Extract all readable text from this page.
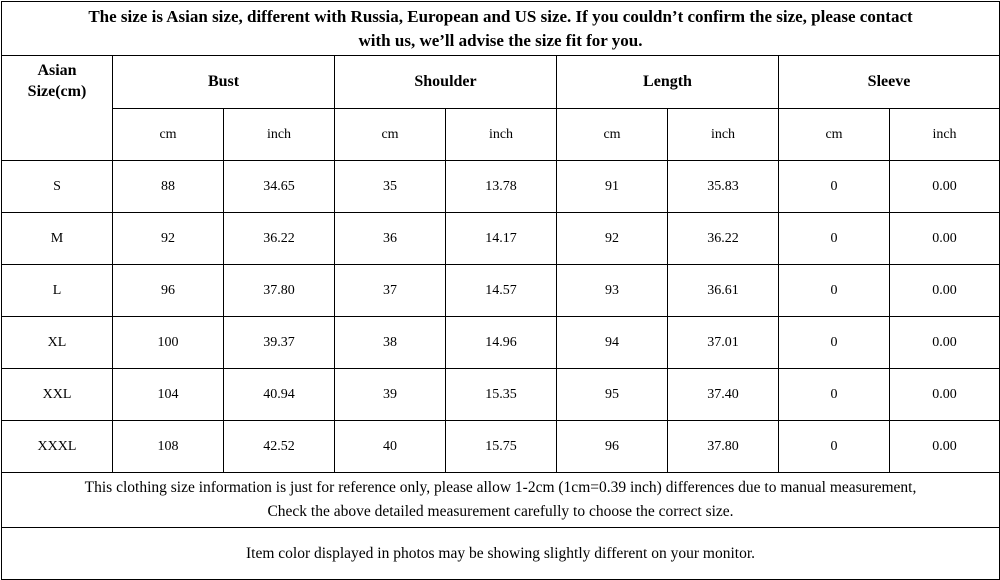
The size is Asian size, different with Russia, European and US size. If you couldn’t confirm the size, please contact
with us, we’ll advise the size fit for you.								
Asian
Size(cm)	Bust		Shoulder		Length		Sleeve	
	cm	inch	cm	inch	cm	inch	cm	inch
S	88	34.65	35	13.78	91	35.83	0	0.00
M	92	36.22	36	14.17	92	36.22	0	0.00
L	96	37.80	37	14.57	93	36.61	0	0.00
XL	100	39.37	38	14.96	94	37.01	0	0.00
XXL	104	40.94	39	15.35	95	37.40	0	0.00
XXXL	108	42.52	40	15.75	96	37.80	0	0.00
This clothing size information is just for reference only, please allow 1-2cm (1cm=0.39 inch) differences due to manual measurement,
Check the above detailed measurement carefully to choose the correct size.								
Item color displayed in photos may be showing slightly different on your monitor.								
